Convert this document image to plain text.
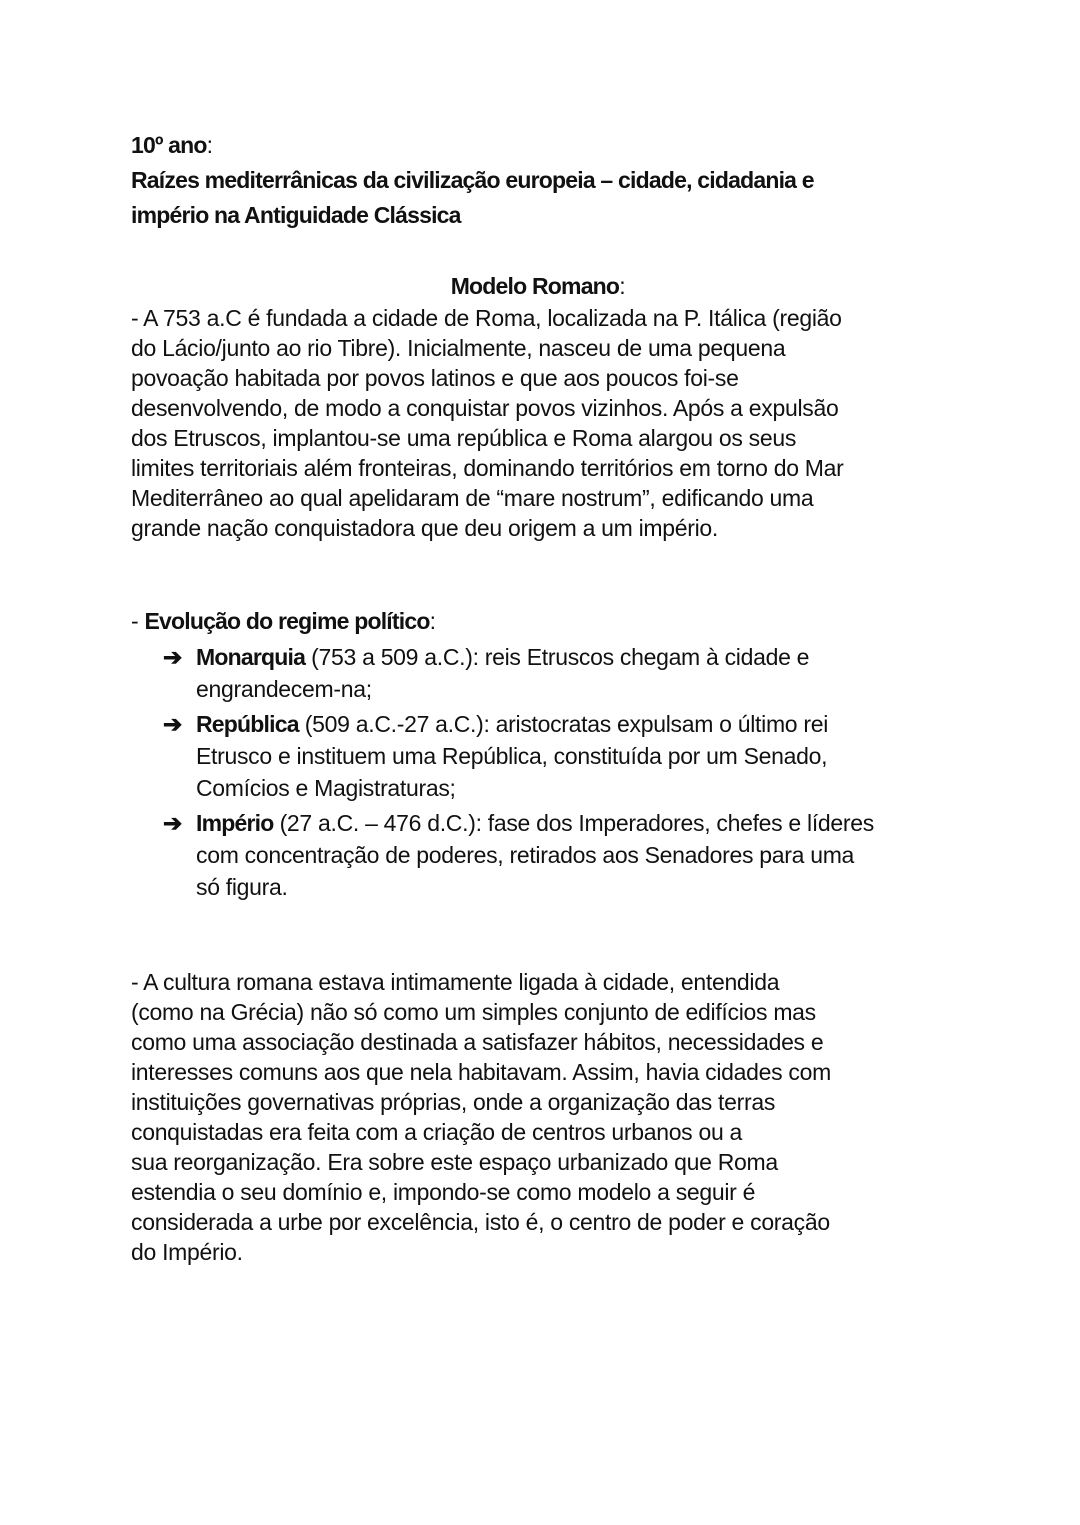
10º ano:
Raízes mediterrânicas da civilização europeia – cidade, cidadania e
império na Antiguidade Clássica
Modelo Romano:
- A 753 a.C é fundada a cidade de Roma, localizada na P. Itálica (região
do Lácio/junto ao rio Tibre). Inicialmente, nasceu de uma pequena
povoação habitada por povos latinos e que aos poucos foi-se
desenvolvendo, de modo a conquistar povos vizinhos. Após a expulsão
dos Etruscos, implantou-se uma república e Roma alargou os seus
limites territoriais além fronteiras, dominando territórios em torno do Mar
Mediterrâneo ao qual apelidaram de “mare nostrum”, edificando uma
grande nação conquistadora que deu origem a um império.
- Evolução do regime político:
➔ Monarquia (753 a 509 a.C.): reis Etruscos chegam à cidade e
engrandecem-na;
➔ República (509 a.C.-27 a.C.): aristocratas expulsam o último rei
Etrusco e instituem uma República, constituída por um Senado,
Comícios e Magistraturas;
➔ Império (27 a.C. – 476 d.C.): fase dos Imperadores, chefes e líderes
com concentração de poderes, retirados aos Senadores para uma
só figura.
- A cultura romana estava intimamente ligada à cidade, entendida
(como na Grécia) não só como um simples conjunto de edifícios mas
como uma associação destinada a satisfazer hábitos, necessidades e
interesses comuns aos que nela habitavam. Assim, havia cidades com
instituições governativas próprias, onde a organização das terras
conquistadas era feita com a criação de centros urbanos ou a
sua reorganização. Era sobre este espaço urbanizado que Roma
estendia o seu domínio e, impondo-se como modelo a seguir é
considerada a urbe por excelência, isto é, o centro de poder e coração
do Império.
